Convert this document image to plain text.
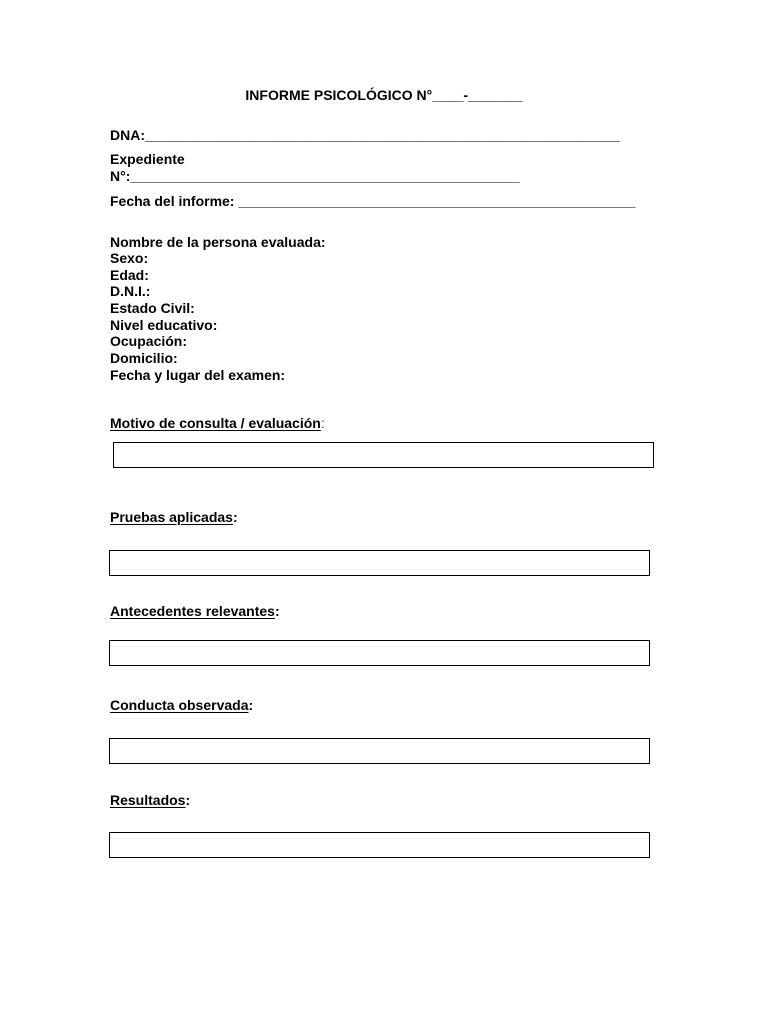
INFORME PSICOLÓGICO N°____-_______
DNA:_____________________________________________________________
Expediente
N°:__________________________________________________
Fecha del informe: ___________________________________________________
Nombre de la persona evaluada:
Sexo:
Edad:
D.N.I.:
Estado Civil:
Nivel educativo:
Ocupación:
Domicilio:
Fecha y lugar del examen:
Motivo de consulta / evaluación:
Pruebas aplicadas:
Antecedentes relevantes:
Conducta observada:
Resultados:
